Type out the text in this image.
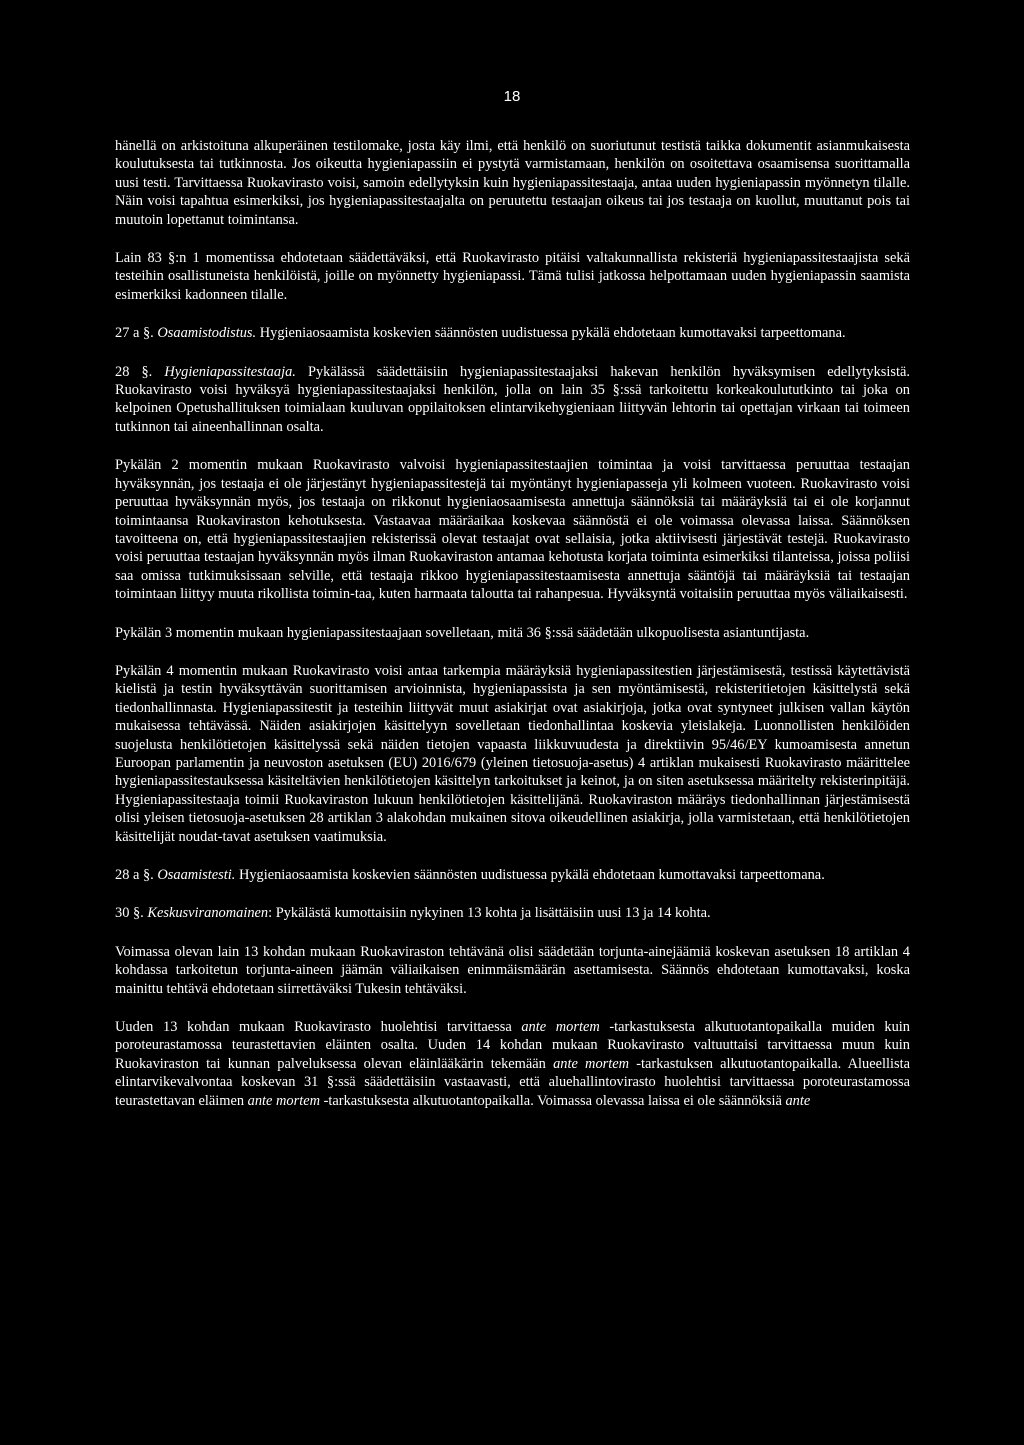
18

hänellä on arkistoituna alkuperäinen testilomake, josta käy ilmi, että henkilö on suoriutunut testistä taikka dokumentit asianmukaisesta koulutuksesta tai tutkinnosta. Jos oikeutta hygieniapassiin ei pystytä varmistamaan, henkilön on osoitettava osaamisensa suorittamalla uusi testi. Tarvittaessa Ruokavirasto voisi, samoin edellytyksin kuin hygieniapassitestaaja, antaa uuden hygieniapassin myönnetyn tilalle. Näin voisi tapahtua esimerkiksi, jos hygieniapassitestaajalta on peruutettu testaajan oikeus tai jos testaaja on kuollut, muuttanut pois tai muutoin lopettanut toimintansa.

Lain 83 §:n 1 momentissa ehdotetaan säädettäväksi, että Ruokavirasto pitäisi valtakunnallista rekisteriä hygieniapassitestaajista sekä testeihin osallistuneista henkilöistä, joille on myönnetty hygieniapassi. Tämä tulisi jatkossa helpottamaan uuden hygieniapassin saamista esimerkiksi kadonneen tilalle.

27 a §. Osaamistodistus. Hygieniaosaamista koskevien säännösten uudistuessa pykälä ehdotetaan kumottavaksi tarpeettomana.

28 §. Hygieniapassitestaaja. Pykälässä säädettäisiin hygieniapassitestaajaksi hakevan henkilön hyväksymisen edellytyksistä. Ruokavirasto voisi hyväksyä hygieniapassitestaajaksi henkilön, jolla on lain 35 §:ssä tarkoitettu korkeakoulututkinto tai joka on kelpoinen Opetushallituksen toimialaan kuuluvan oppilaitoksen elintarvikehygieniaan liittyvän lehtorin tai opettajan virkaan tai toimeen tutkinnon tai aineenhallinnan osalta.

Pykälän 2 momentin mukaan Ruokavirasto valvoisi hygieniapassitestaajien toimintaa ja voisi tarvittaessa peruuttaa testaajan hyväksynnän, jos testaaja ei ole järjestänyt hygieniapassitestejä tai myöntänyt hygieniapasseja yli kolmeen vuoteen. Ruokavirasto voisi peruuttaa hyväksynnän myös, jos testaaja on rikkonut hygieniaosaamisesta annettuja säännöksiä tai määräyksiä tai ei ole korjannut toimintaansa Ruokaviraston kehotuksesta. Vastaavaa määräaikaa koskevaa säännöstä ei ole voimassa olevassa laissa. Säännöksen tavoitteena on, että hygieniapassitestaajien rekisterissä olevat testaajat ovat sellaisia, jotka aktiivisesti järjestävät testejä. Ruokavirasto voisi peruuttaa testaajan hyväksynnän myös ilman Ruokaviraston antamaa kehotusta korjata toiminta esimerkiksi tilanteissa, joissa poliisi saa omissa tutkimuksissaan selville, että testaaja rikkoo hygieniapassitestaamisesta annettuja sääntöjä tai määräyksiä tai testaajan toimintaan liittyy muuta rikollista toimin-taa, kuten harmaata taloutta tai rahanpesua. Hyväksyntä voitaisiin peruuttaa myös väliaikaisesti.

Pykälän 3 momentin mukaan hygieniapassitestaajaan sovelletaan, mitä 36 §:ssä säädetään ulkopuolisesta asiantuntijasta.

Pykälän 4 momentin mukaan Ruokavirasto voisi antaa tarkempia määräyksiä hygieniapassitestien järjestämisestä, testissä käytettävistä kielistä ja testin hyväksyttävän suorittamisen arvioinnista, hygieniapassista ja sen myöntämisestä, rekisteritietojen käsittelystä sekä tiedonhallinnasta. Hygieniapassitestit ja testeihin liittyvät muut asiakirjat ovat asiakirjoja, jotka ovat syntyneet julkisen vallan käytön mukaisessa tehtävässä. Näiden asiakirjojen käsittelyyn sovelletaan tiedonhallintaa koskevia yleislakeja. Luonnollisten henkilöiden suojelusta henkilötietojen käsittelyssä sekä näiden tietojen vapaasta liikkuvuudesta ja direktiivin 95/46/EY kumoamisesta annetun Euroopan parlamentin ja neuvoston asetuksen (EU) 2016/679 (yleinen tietosuoja-asetus) 4 artiklan mukaisesti Ruokavirasto määrittelee hygieniapassitestauksessa käsiteltävien henkilötietojen käsittelyn tarkoitukset ja keinot, ja on siten asetuksessa määritelty rekisterinpitäjä. Hygieniapassitestaaja toimii Ruokaviraston lukuun henkilötietojen käsittelijänä. Ruokaviraston määräys tiedonhallinnan järjestämisestä olisi yleisen tietosuoja-asetuksen 28 artiklan 3 alakohdan mukainen sitova oikeudellinen asiakirja, jolla varmistetaan, että henkilötietojen käsittelijät noudat-tavat asetuksen vaatimuksia.

28 a §. Osaamistesti. Hygieniaosaamista koskevien säännösten uudistuessa pykälä ehdotetaan kumottavaksi tarpeettomana.

30 §. Keskusviranomainen: Pykälästä kumottaisiin nykyinen 13 kohta ja lisättäisiin uusi 13 ja 14 kohta.

Voimassa olevan lain 13 kohdan mukaan Ruokaviraston tehtävänä olisi säädetään torjunta-ainejäämiä koskevan asetuksen 18 artiklan 4 kohdassa tarkoitetun torjunta-aineen jäämän väliaikaisen enimmäismäärän asettamisesta. Säännös ehdotetaan kumottavaksi, koska mainittu tehtävä ehdotetaan siirrettäväksi Tukesin tehtäväksi.

Uuden 13 kohdan mukaan Ruokavirasto huolehtisi tarvittaessa ante mortem -tarkastuksesta alkutuotantopaikalla muiden kuin poroteurastamossa teurastettavien eläinten osalta. Uuden 14 kohdan mukaan Ruokavirasto valtuuttaisi tarvittaessa muun kuin Ruokaviraston tai kunnan palveluksessa olevan eläinlääkärin tekemään ante mortem -tarkastuksen alkutuotantopaikalla. Alueellista elintarvikevalvontaa koskevan 31 §:ssä säädettäisiin vastaavasti, että aluehallintovirasto huolehtisi tarvittaessa poroteurastamossa teurastettavan eläimen ante mortem -tarkastuksesta alkutuotantopaikalla. Voimassa olevassa laissa ei ole säännöksiä ante
